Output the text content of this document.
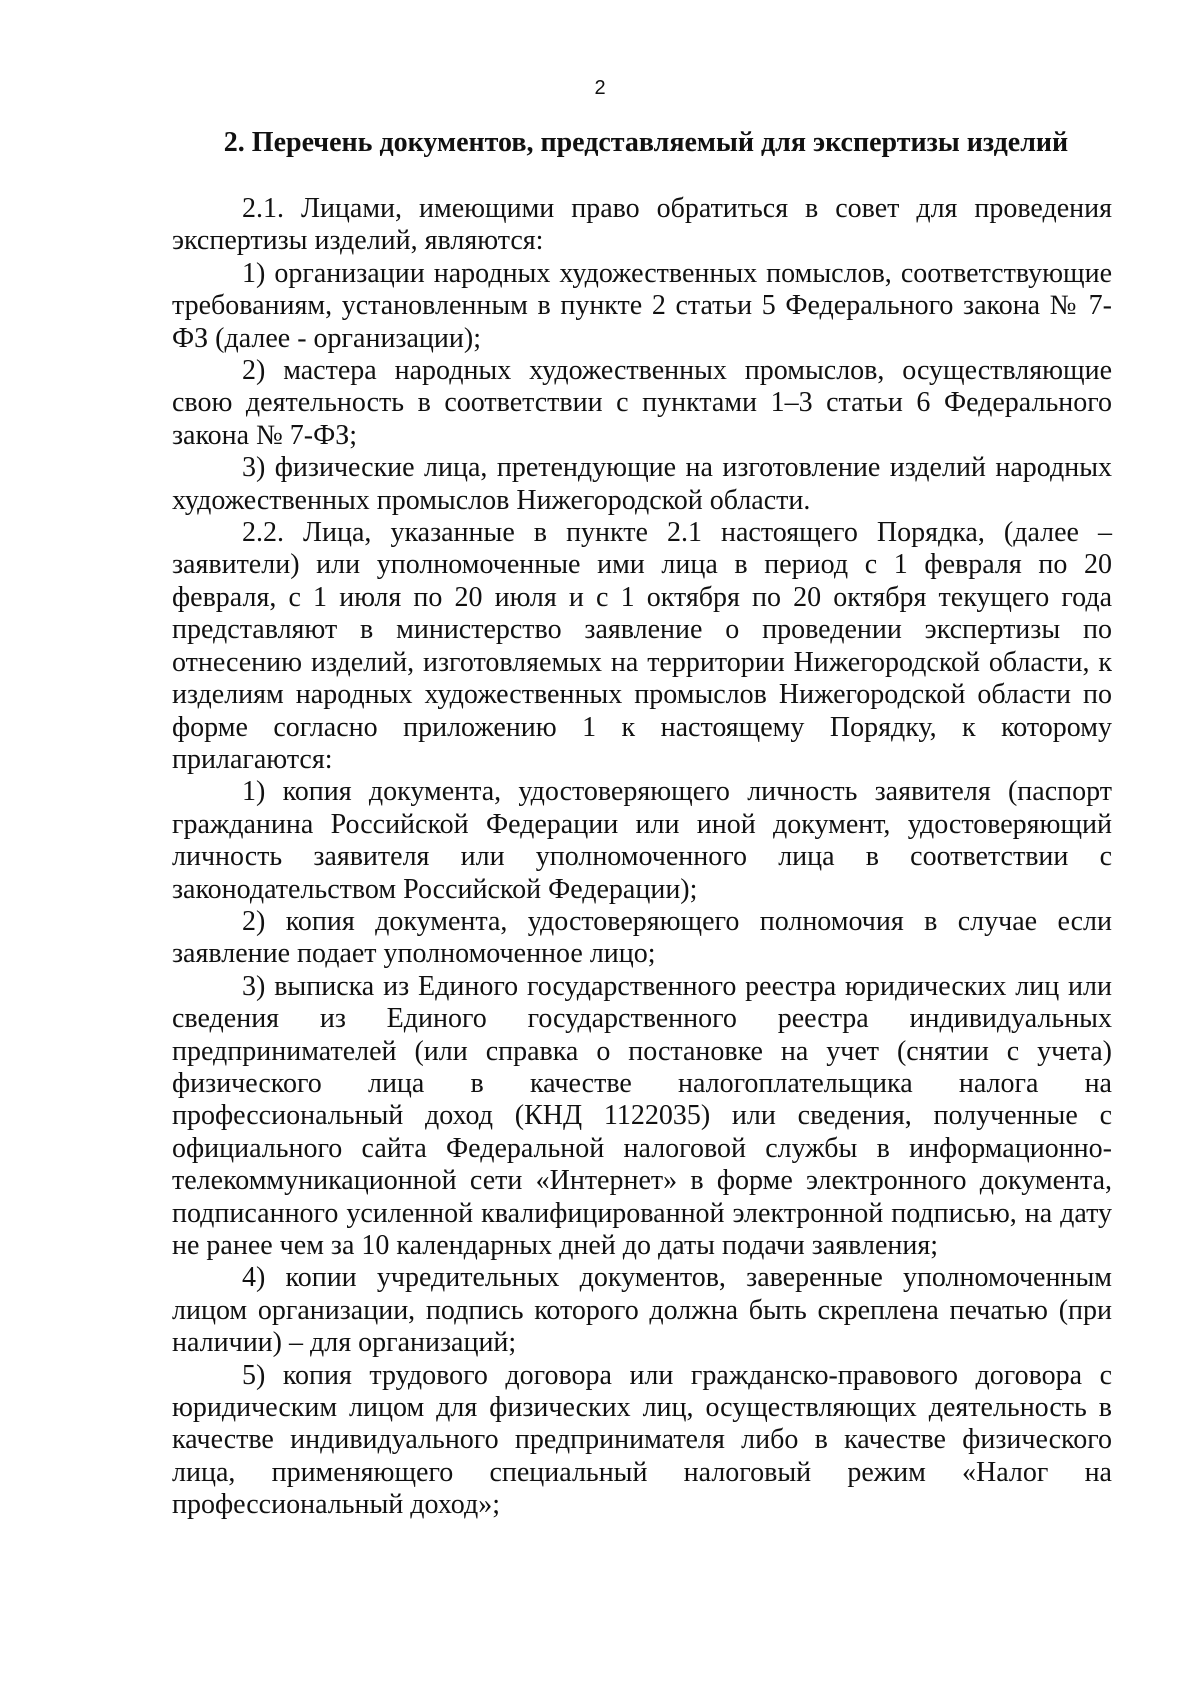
2

2. Перечень документов, представляемый для экспертизы изделий

2.1. Лицами, имеющими право обратиться в совет для проведения экспертизы изделий, являются:

1) организации народных художественных помыслов, соответствующие требованиям, установленным в пункте 2 статьи 5 Федерального закона № 7-ФЗ (далее - организации);

2) мастера народных художественных промыслов, осуществляющие свою деятельность в соответствии с пунктами 1–3 статьи 6 Федерального закона № 7-ФЗ;

3) физические лица, претендующие на изготовление изделий народных художественных промыслов Нижегородской области.

2.2. Лица, указанные в пункте 2.1 настоящего Порядка, (далее – заявители) или уполномоченные ими лица в период с 1 февраля по 20 февраля, с 1 июля по 20 июля и с 1 октября по 20 октября текущего года представляют в министерство заявление о проведении экспертизы по отнесению изделий, изготовляемых на территории Нижегородской области, к изделиям народных художественных промыслов Нижегородской области по форме согласно приложению 1 к настоящему Порядку, к которому прилагаются:

1) копия документа, удостоверяющего личность заявителя (паспорт гражданина Российской Федерации или иной документ, удостоверяющий личность заявителя или уполномоченного лица в соответствии с законодательством Российской Федерации);

2) копия документа, удостоверяющего полномочия в случае если заявление подает уполномоченное лицо;

3) выписка из Единого государственного реестра юридических лиц или сведения из Единого государственного реестра индивидуальных предпринимателей (или справка о постановке на учет (снятии с учета) физического лица в качестве налогоплательщика налога на профессиональный доход (КНД 1122035) или сведения, полученные с официального сайта Федеральной налоговой службы в информационно-телекоммуникационной сети «Интернет» в форме электронного документа, подписанного усиленной квалифицированной электронной подписью, на дату не ранее чем за 10 календарных дней до даты подачи заявления;

4) копии учредительных документов, заверенные уполномоченным лицом организации, подпись которого должна быть скреплена печатью (при наличии) – для организаций;

5) копия трудового договора или гражданско-правового договора с юридическим лицом для физических лиц, осуществляющих деятельность в качестве индивидуального предпринимателя либо в качестве физического лица, применяющего специальный налоговый режим «Налог на профессиональный доход»;
